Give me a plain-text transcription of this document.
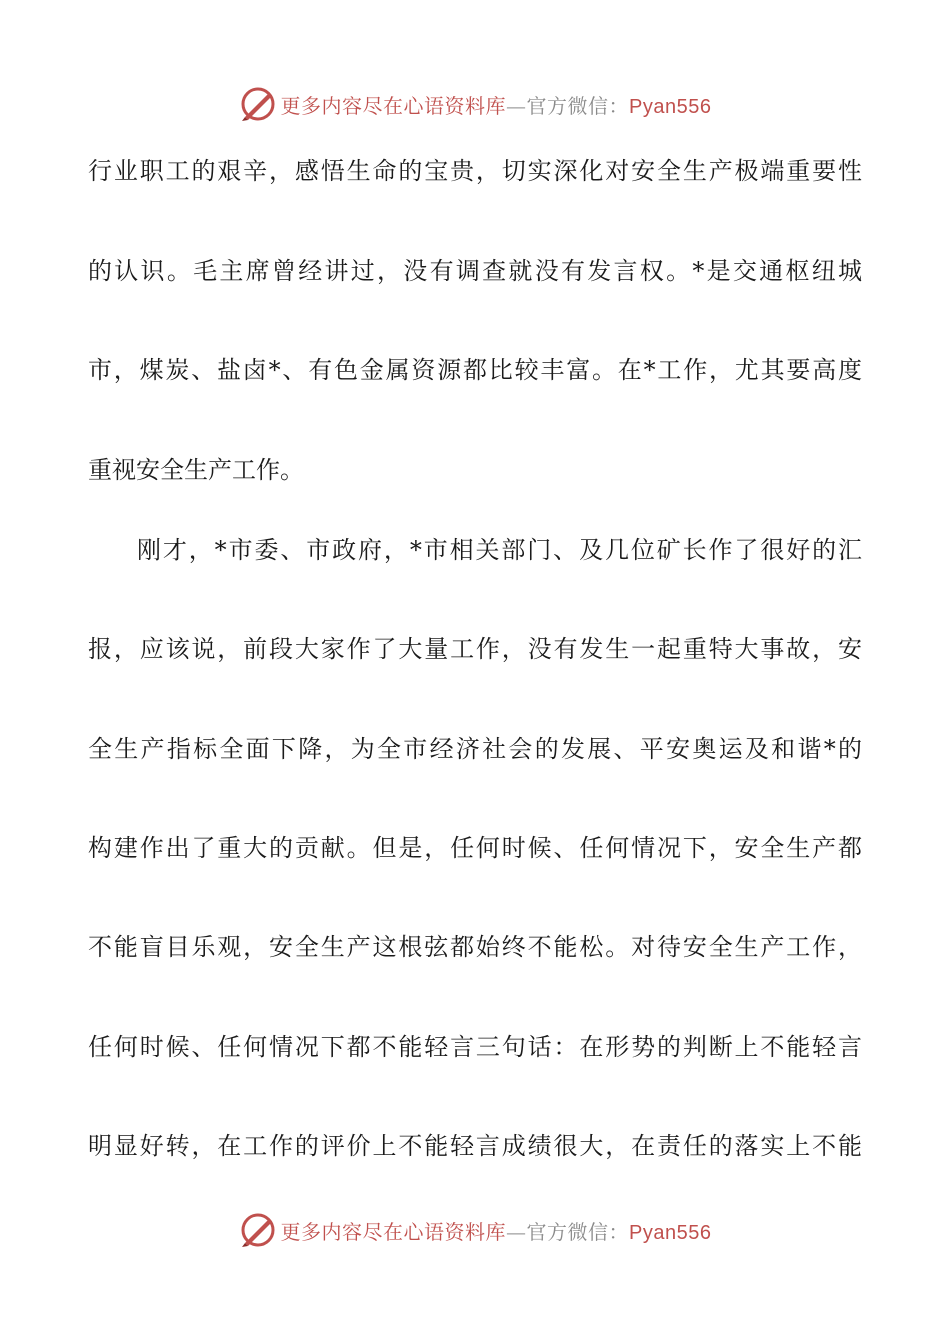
更多内容尽在心语资料库—官方微信：Pyan556
行业职工的艰辛，感悟生命的宝贵，切实深化对安全生产极端重要性
的认识。毛主席曾经讲过，没有调查就没有发言权。*是交通枢纽城
市，煤炭、盐卤*、有色金属资源都比较丰富。在*工作，尤其要高度
重视安全生产工作。
刚才，*市委、市政府，*市相关部门、及几位矿长作了很好的汇
报，应该说，前段大家作了大量工作，没有发生一起重特大事故，安
全生产指标全面下降，为全市经济社会的发展、平安奥运及和谐*的
构建作出了重大的贡献。但是，任何时候、任何情况下，安全生产都
不能盲目乐观，安全生产这根弦都始终不能松。对待安全生产工作，
任何时候、任何情况下都不能轻言三句话：在形势的判断上不能轻言
明显好转，在工作的评价上不能轻言成绩很大，在责任的落实上不能
更多内容尽在心语资料库—官方微信：Pyan556
